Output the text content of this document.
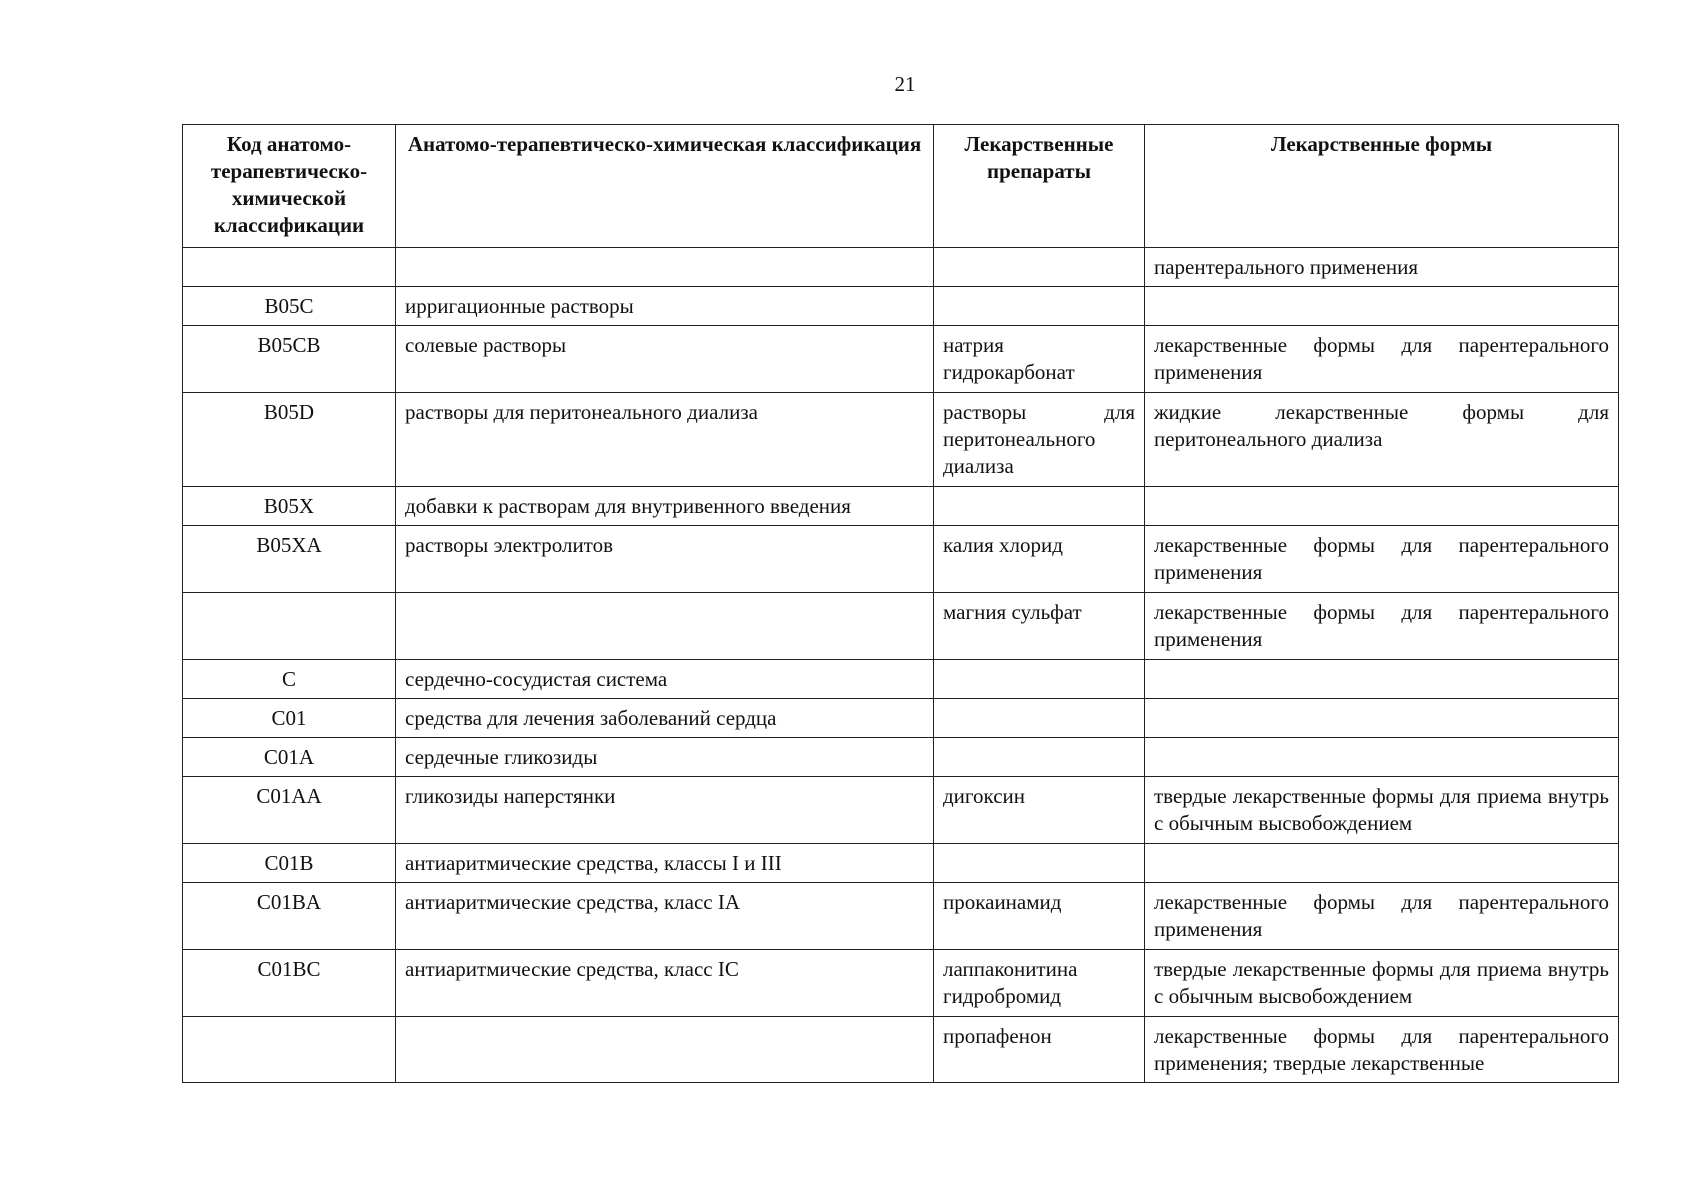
21
Код анатомо-терапевтическо-химической классификации	Анатомо-терапевтическо-химическая классификация	Лекарственные препараты	Лекарственные формы
			парентерального применения
B05C	ирригационные растворы		
B05CB	солевые растворы	натрия гидрокарбонат	лекарственные формы для парентерального применения
B05D	растворы для перитонеального диализа	растворы для перитонеального диализа	жидкие лекарственные формы для перитонеального диализа
B05X	добавки к растворам для внутривенного введения		
B05XA	растворы электролитов	калия хлорид	лекарственные формы для парентерального применения
		магния сульфат	лекарственные формы для парентерального применения
C	сердечно-сосудистая система		
C01	средства для лечения заболеваний сердца		
C01A	сердечные гликозиды		
C01AA	гликозиды наперстянки	дигоксин	твердые лекарственные формы для приема внутрь с обычным высвобождением
C01B	антиаритмические средства, классы I и III		
C01BA	антиаритмические средства, класс IA	прокаинамид	лекарственные формы для парентерального применения
C01BC	антиаритмические средства, класс IC	лаппаконитина гидробромид	твердые лекарственные формы для приема внутрь с обычным высвобождением
		пропафенон	лекарственные формы для парентерального применения; твердые лекарственные
